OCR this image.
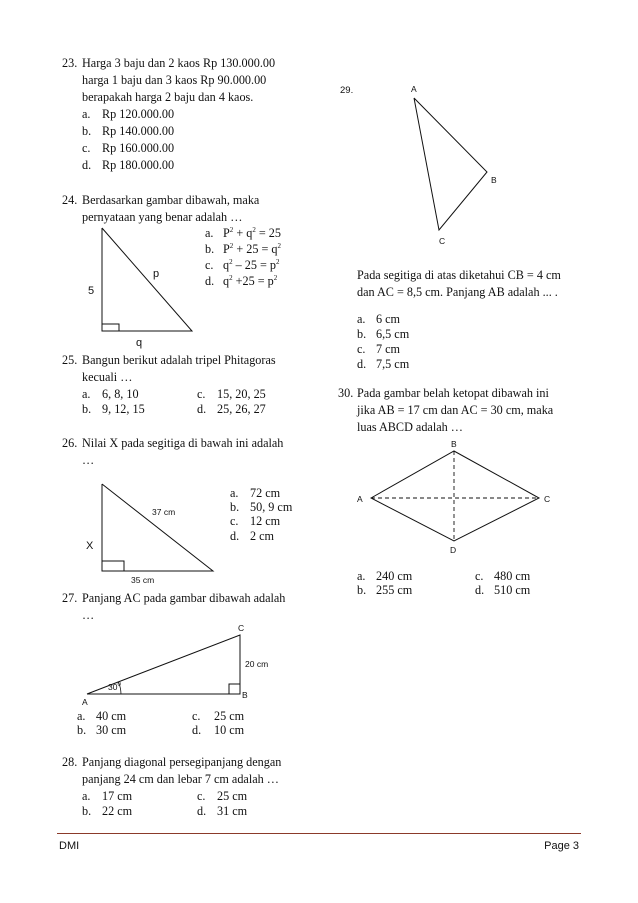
23. Harga 3 baju dan 2 kaos Rp 130.000.00
harga 1 baju dan 3 kaos Rp 90.000.00
berapakah harga 2 baju dan 4 kaos.
a. Rp 120.000.00
b. Rp 140.000.00
c. Rp 160.000.00
d. Rp 180.000.00
24. Berdasarkan gambar dibawah, maka
pernyataan yang benar adalah …
5
p
q
a. $P^2 + q^2 = 25$
b. $P^2 + 25 = q^2$
c. $q^2 - 25 = p^2$
d. $q^2 +25 = p^2$
25. Bangun berikut adalah tripel Phitagoras
kecuali …
a. 6, 8, 10	c. 15, 20, 25
b. 9, 12, 15	d. 25, 26, 27
26. Nilai X pada segitiga di bawah ini adalah
…
37 cm
X
35 cm
a. 72 cm
b. 50, 9 cm
c. 12 cm
d. 2 cm
27. Panjang AC pada gambar dibawah adalah
…
C
A
B
20 cm
$30^0$
a. 40 cm	c. 25 cm
b. 30 cm	d. 10 cm
28. Panjang diagonal persegipanjang dengan
panjang 24 cm dan lebar 7 cm adalah …
a. 17 cm	c. 25 cm
b. 22 cm	d. 31 cm
29.	A
B
C
Pada segitiga di atas diketahui CB = 4 cm
dan AC = 8,5 cm. Panjang AB adalah ... .
a. 6 cm
b. 6,5 cm
c. 7 cm
d. 7,5 cm
30. Pada gambar belah ketopat dibawah ini
jika AB = 17 cm dan AC = 30 cm, maka
luas ABCD adalah …
B
A	C
D
a. 240 cm	c. 480 cm
b. 255 cm	d. 510 cm
DMI	Page 3
